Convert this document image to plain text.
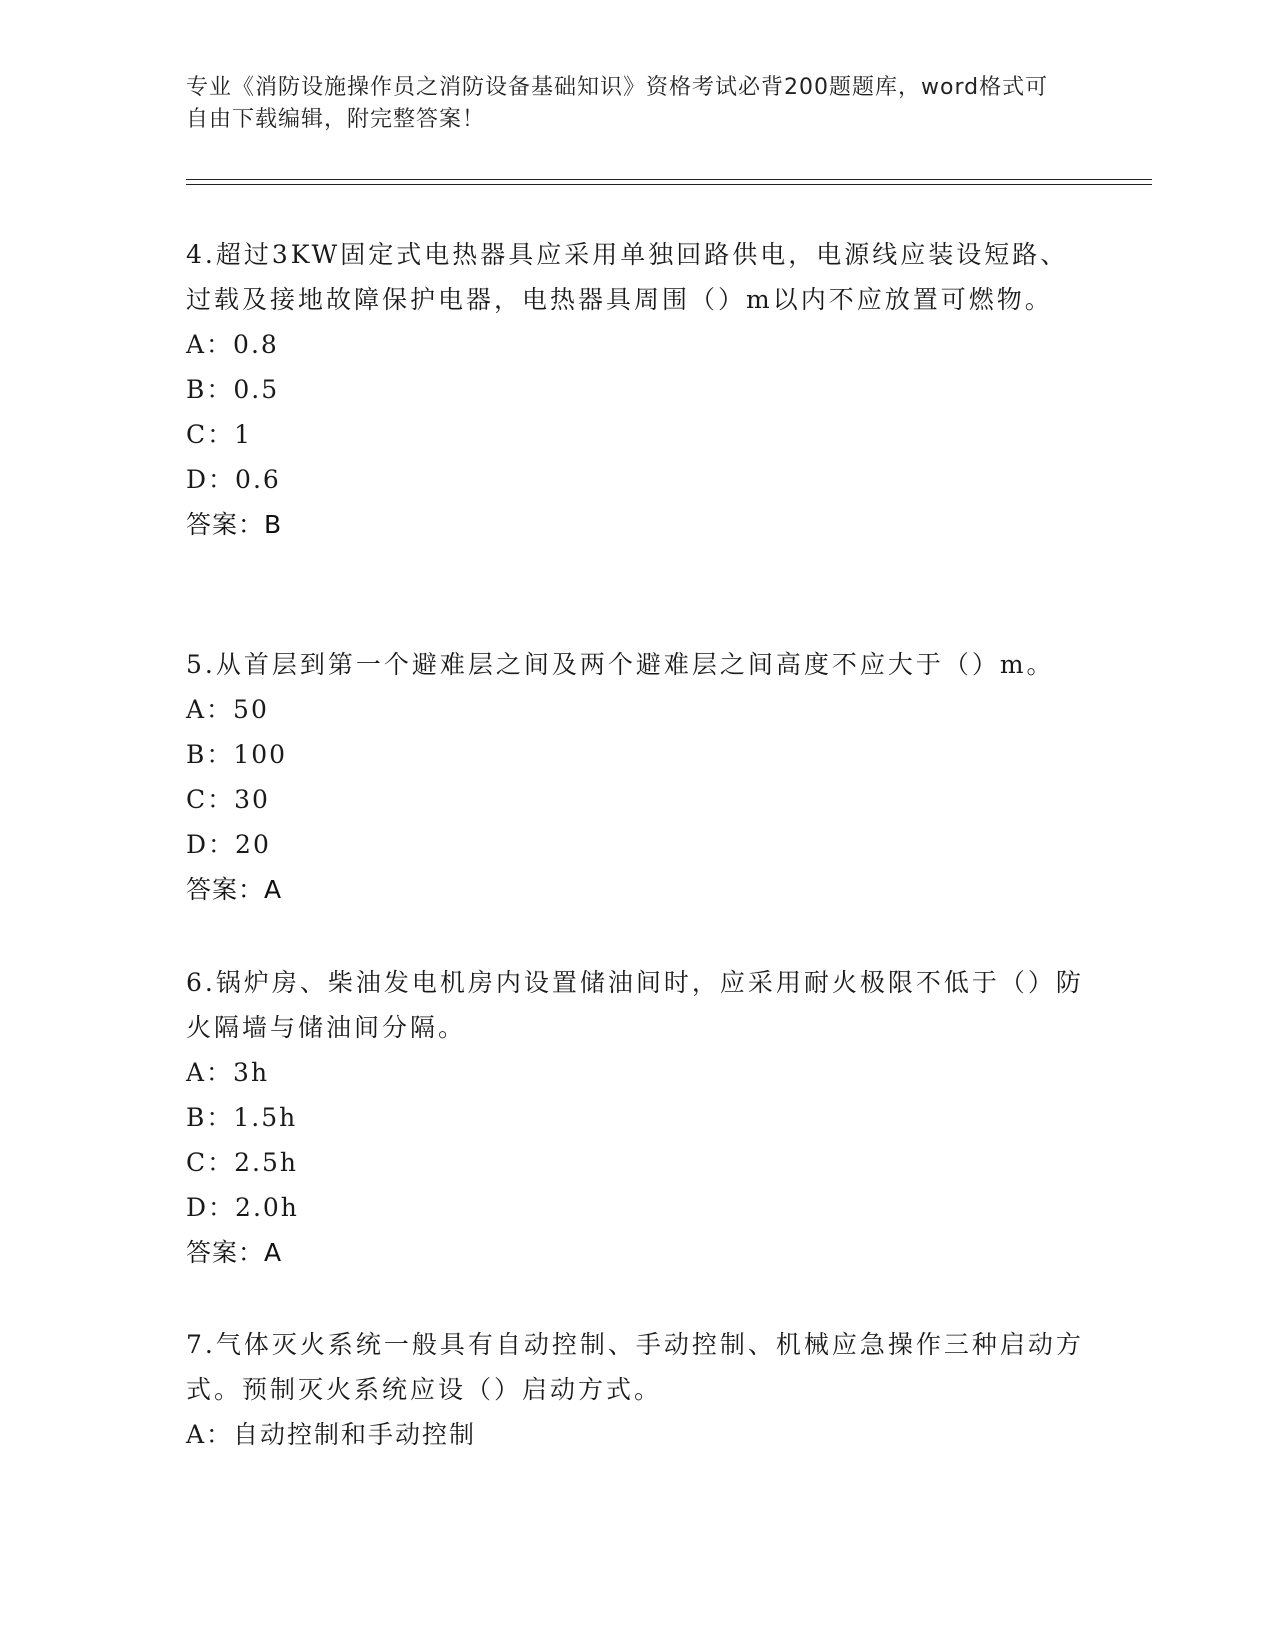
专业《消防设施操作员之消防设备基础知识》资格考试必背200题题库，word格式可自由下载编辑，附完整答案！

4.超过3KW固定式电热器具应采用单独回路供电，电源线应装设短路、过载及接地故障保护电器，电热器具周围（）m以内不应放置可燃物。

A：0.8
B：0.5
C：1
D：0.6
答案：B

5.从首层到第一个避难层之间及两个避难层之间高度不应大于（）m。

A：50
B：100
C：30
D：20
答案：A

6.锅炉房、柴油发电机房内设置储油间时，应采用耐火极限不低于（）防火隔墙与储油间分隔。

A：3h
B：1.5h
C：2.5h
D：2.0h
答案：A

7.气体灭火系统一般具有自动控制、手动控制、机械应急操作三种启动方式。预制灭火系统应设（）启动方式。

A：自动控制和手动控制
